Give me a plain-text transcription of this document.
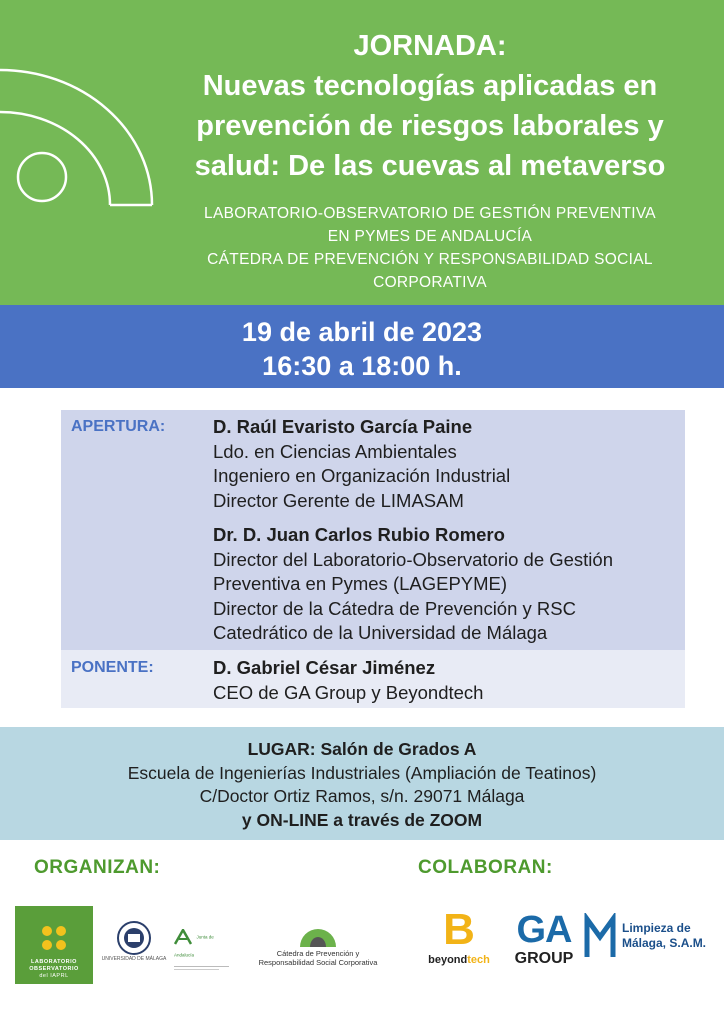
JORNADA:
Nuevas tecnologías aplicadas en
prevención de riesgos laborales y
salud: De las cuevas al metaverso
LABORATORIO-OBSERVATORIO DE GESTIÓN PREVENTIVA
EN PYMES DE ANDALUCÍA
CÁTEDRA DE PREVENCIÓN Y RESPONSABILIDAD SOCIAL
CORPORATIVA
19 de abril de 2023
16:30 a 18:00 h.
APERTURA:	D. Raúl Evaristo García Paine
Ldo. en Ciencias Ambientales
Ingeniero en Organización Industrial
Director Gerente de LIMASAM
Dr. D. Juan Carlos Rubio Romero
Director del Laboratorio-Observatorio de Gestión
Preventiva en Pymes (LAGEPYME)
Director de la Cátedra de Prevención y RSC
Catedrático de la Universidad de Málaga
PONENTE:	D. Gabriel César Jiménez
CEO de GA Group y Beyondtech
LUGAR: Salón de Grados A
Escuela de Ingenierías Industriales (Ampliación de Teatinos)
C/Doctor Ortiz Ramos, s/n. 29071 Málaga
y ON-LINE a través de ZOOM
ORGANIZAN:	COLABORAN:
LABORATORIO
OBSERVATORIO
del IAPRL
UNIVERSIDAD DE MÁLAGA
Junta de Andalucía	Cátedra de Prevención y
Responsabilidad Social Corporativa
B
beyondtech
GA
GROUP
Limpieza de
Málaga, S.A.M.
